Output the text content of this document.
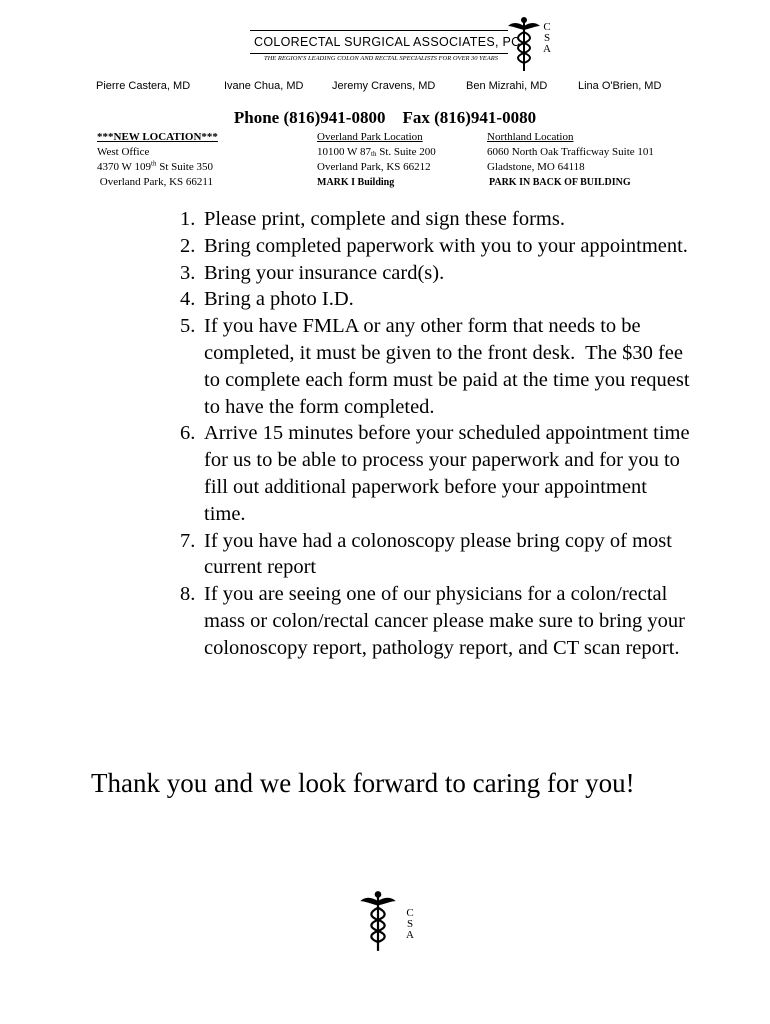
COLORECTAL SURGICAL ASSOCIATES, PC
THE REGION'S LEADING COLON AND RECTAL SPECIALISTS FOR OVER 30 YEARS
C
S
A
Pierre Castera, MD	Ivane Chua, MD	Jeremy Cravens, MD	Ben Mizrahi, MD	Lina O'Brien, MD
Phone (816)941-0800    Fax (816)941-0080
***NEW LOCATION***
West Office
4370 W 109th St Suite 350
Overland Park, KS 66211
Overland Park Location
10100 W 87th St. Suite 200
Overland Park, KS 66212
MARK I Building
Northland Location
6060 North Oak Trafficway Suite 101
Gladstone, MO 64118
PARK IN BACK OF BUILDING
1. Please print, complete and sign these forms.
2. Bring completed paperwork with you to your appointment.
3. Bring your insurance card(s).
4. Bring a photo I.D.
5. If you have FMLA or any other form that needs to be completed, it must be given to the front desk.  The $30 fee to complete each form must be paid at the time you request to have the form completed.
6. Arrive 15 minutes before your scheduled appointment time for us to be able to process your paperwork and for you to fill out additional paperwork before your appointment time.
7. If you have had a colonoscopy please bring copy of most current report
8. If you are seeing one of our physicians for a colon/rectal mass or colon/rectal cancer please make sure to bring your colonoscopy report, pathology report, and CT scan report.
Thank you and we look forward to caring for you!
C
S
A
